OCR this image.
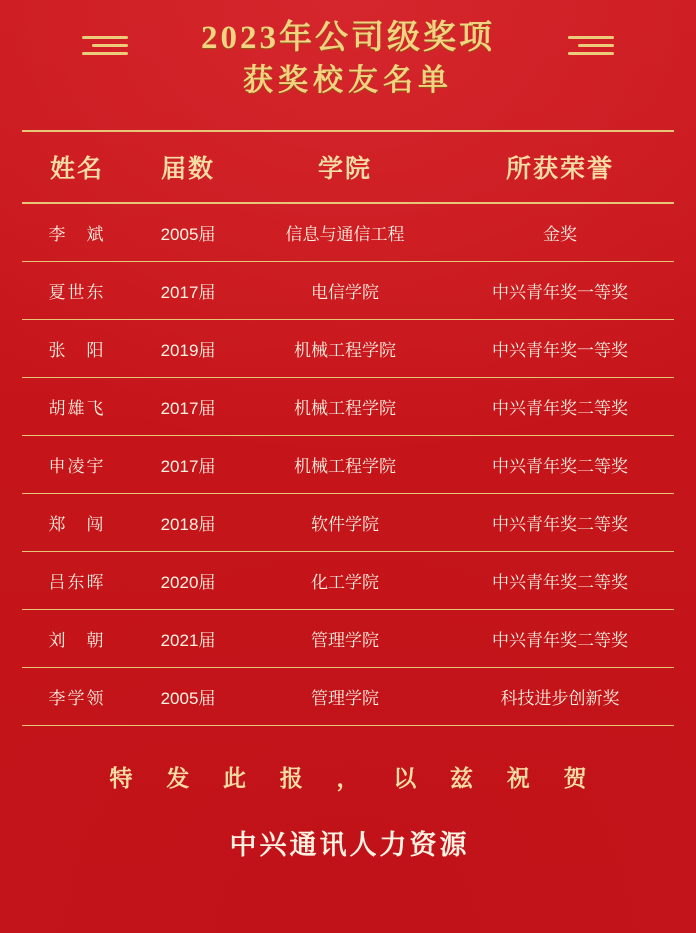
2023年公司级奖项
获奖校友名单
姓名	届数	学院	所获荣誉
李　斌	2005届	信息与通信工程	金奖
夏世东	2017届	电信学院	中兴青年奖一等奖
张　阳	2019届	机械工程学院	中兴青年奖一等奖
胡雄飞	2017届	机械工程学院	中兴青年奖二等奖
申凌宇	2017届	机械工程学院	中兴青年奖二等奖
郑　闯	2018届	软件学院	中兴青年奖二等奖
吕东晖	2020届	化工学院	中兴青年奖二等奖
刘　朝	2021届	管理学院	中兴青年奖二等奖
李学领	2005届	管理学院	科技进步创新奖
特 发 此 报 ， 以 兹 祝 贺
中兴通讯人力资源
